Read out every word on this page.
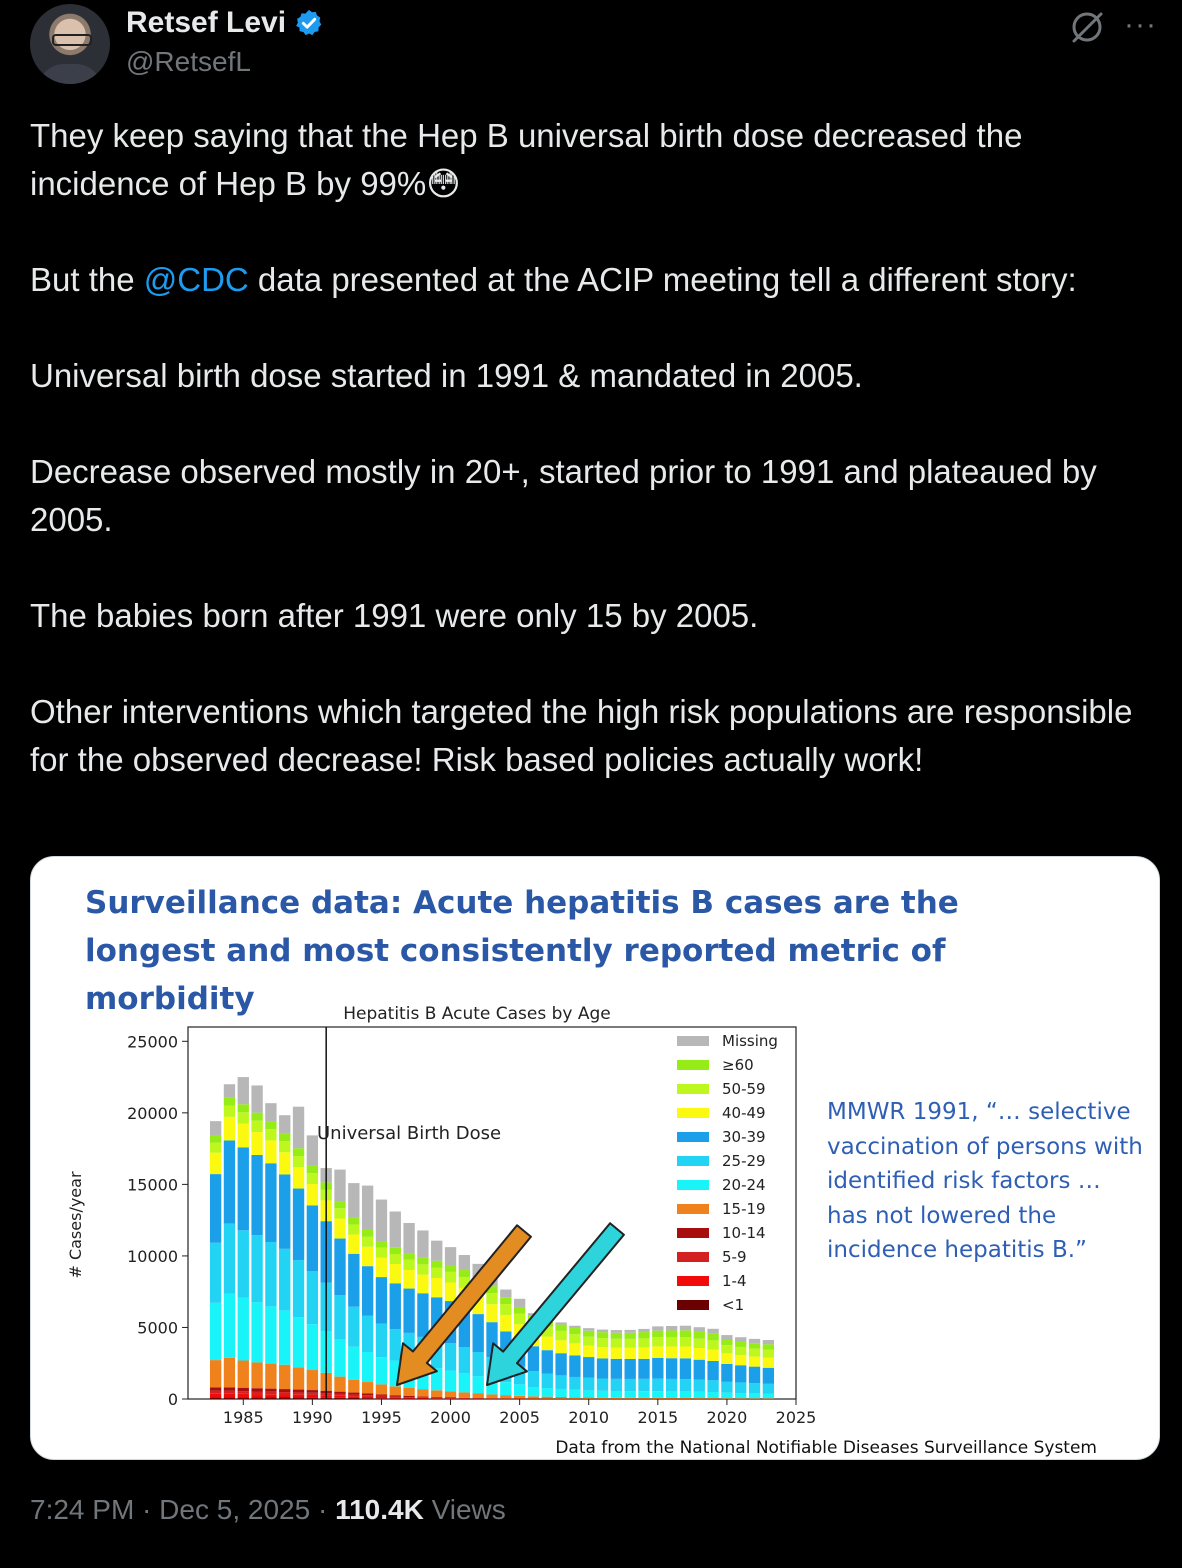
Retsef Levi
@RetsefL
···

They keep saying that the Hep B universal birth dose decreased the

incidence of Hep B by 99%😳

But the @CDC data presented at the ACIP meeting tell a different story:

Universal birth dose started in 1991 & mandated in 2005.

Decrease observed mostly in 20+, started prior to 1991 and plateaued by 2005.

The babies born after 1991 were only 15 by 2005.

Other interventions which targeted the high risk populations are responsible for the observed decrease! Risk based policies actually work!

Surveillance data: Acute hepatitis B cases are the longest and most consistently reported metric of morbidity
0
5000
10000
15000
20000
25000
1985 1990 1995 2000 2005 2010 2015 2020 2025
Missing
≥60
50-59
40-49
30-39
25-29
20-24
15-19
10-14
5-9
1-4
<1
Hepatitis B Acute Cases by Age
# Cases/year
Universal Birth Dose
Data from the National Notifiable Diseases Surveillance System
MMWR 1991, “… selective vaccination of persons with identified risk factors … has not lowered the incidence hepatitis B.”
7:24 PM · Dec 5, 2025 · 110.4K Views
